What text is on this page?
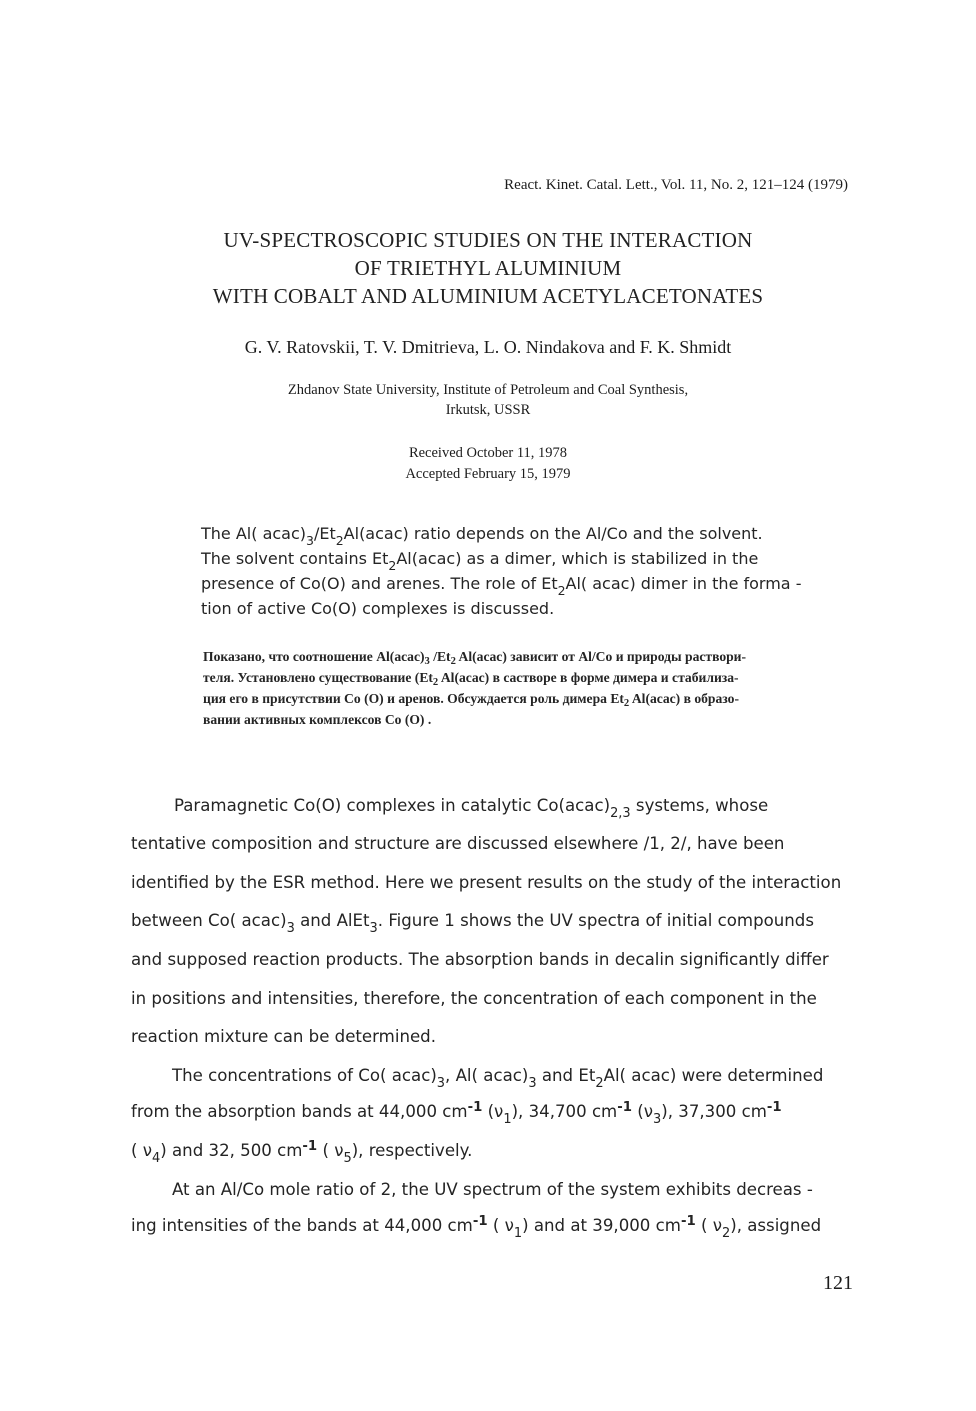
React. Kinet. Catal. Lett., Vol. 11, No. 2, 121–124 (1979)
UV-SPECTROSCOPIC STUDIES ON THE INTERACTION
OF TRIETHYL ALUMINIUM
WITH COBALT AND ALUMINIUM ACETYLACETONATES
G. V. Ratovskii, T. V. Dmitrieva, L. O. Nindakova and F. K. Shmidt
Zhdanov State University, Institute of Petroleum and Coal Synthesis,
Irkutsk, USSR
Received October 11, 1978
Accepted February 15, 1979
The Al( $acac)_3/Et_2Al(acac)$ ratio depends on the Al/Co and the solvent.
The solvent contains $Et_2Al(acac)$ as a dimer, which is stabilized in the
presence of Co(O) and arenes. The role of $Et_2Al$( acac) dimer in the forma -
tion of active Co(O) complexes is discussed.
Показано, что соотношение $Al(acac)_3$ $/Et_2$ Al(acac) зависит от Al/Co и природы раствори-
теля. Установлено существование ($Et_2$ Al(acac) в састворе в форме димера и стабилиза-
ция его в присутствии Co (O) и аренов. Обсуждается роль димера $Et_2$ Al(acac) в образо-
вании активных комплексов Co (O) .
Paramagnetic Co(O) complexes in catalytic $Co(acac)_{2,3}$ systems, whose
tentative composition and structure are discussed elsewhere /1, 2/, have been
identified by the ESR method. Here we present results on the study of the interaction
between Co( $acac)_3$ and AlEt$_3$. Figure 1 shows the UV spectra of initial compounds
and supposed reaction products. The absorption bands in decalin significantly differ
in positions and intensities, therefore, the concentration of each component in the
reaction mixture can be determined.
The concentrations of Co( $acac)_3$, Al( $acac)_3$ and $Et_2Al$( acac) were determined
from the absorption bands at 44,000 $cm^{-1}$ $(\nu_1)$, 34,700 $cm^{-1}$ $(\nu_3)$, 37,300 $cm^{-1}$
( $\nu_4$) and 32, 500 $cm^{-1}$ ( $\nu_5$), respectively.
At an Al/Co mole ratio of 2, the UV spectrum of the system exhibits decreas -
ing intensities of the bands at 44,000 $cm^{-1}$ ( $\nu_1$) and at 39,000 $cm^{-1}$ ( $\nu_2$), assigned
121
